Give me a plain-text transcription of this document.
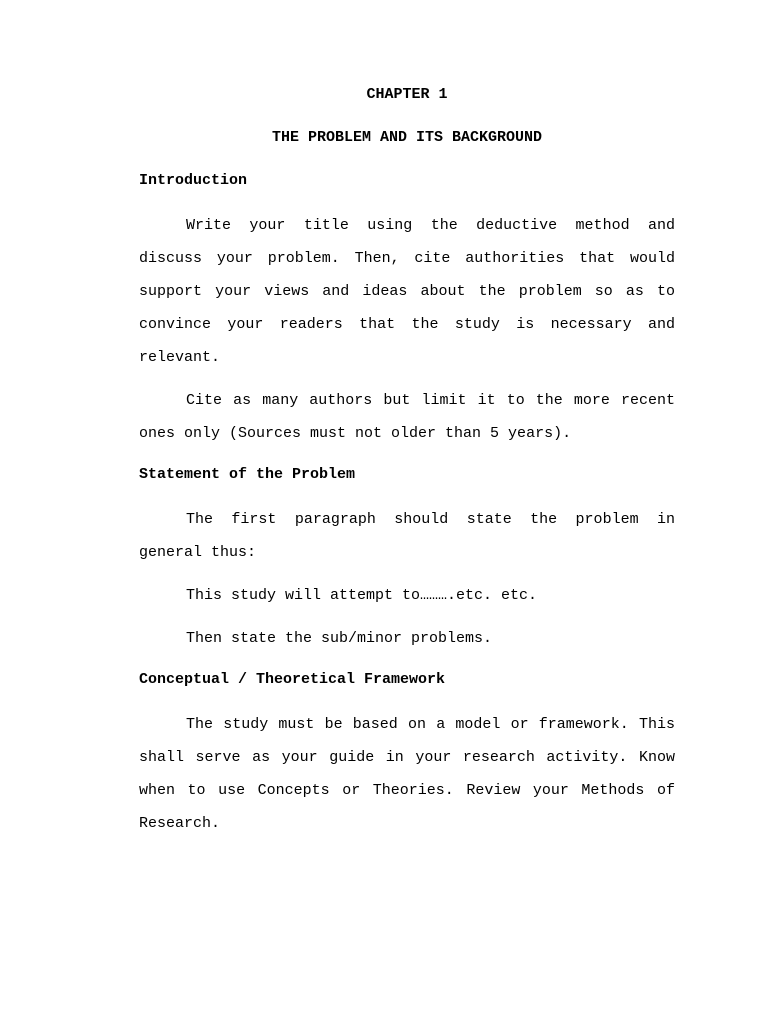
CHAPTER 1

THE PROBLEM AND ITS BACKGROUND

Introduction

Write your title using the deductive method and discuss your problem. Then, cite authorities that would support your views and ideas about the problem so as to convince your readers that the study is necessary and relevant.

Cite as many authors but limit it to the more recent ones only (Sources must not older than 5 years).

Statement of the Problem

The first paragraph should state the problem in general thus:

This study will attempt to……….etc. etc.

Then state the sub/minor problems.

Conceptual / Theoretical Framework

The study must be based on a model or framework. This shall serve as your guide in your research activity. Know when to use Concepts or Theories. Review your Methods of Research.
